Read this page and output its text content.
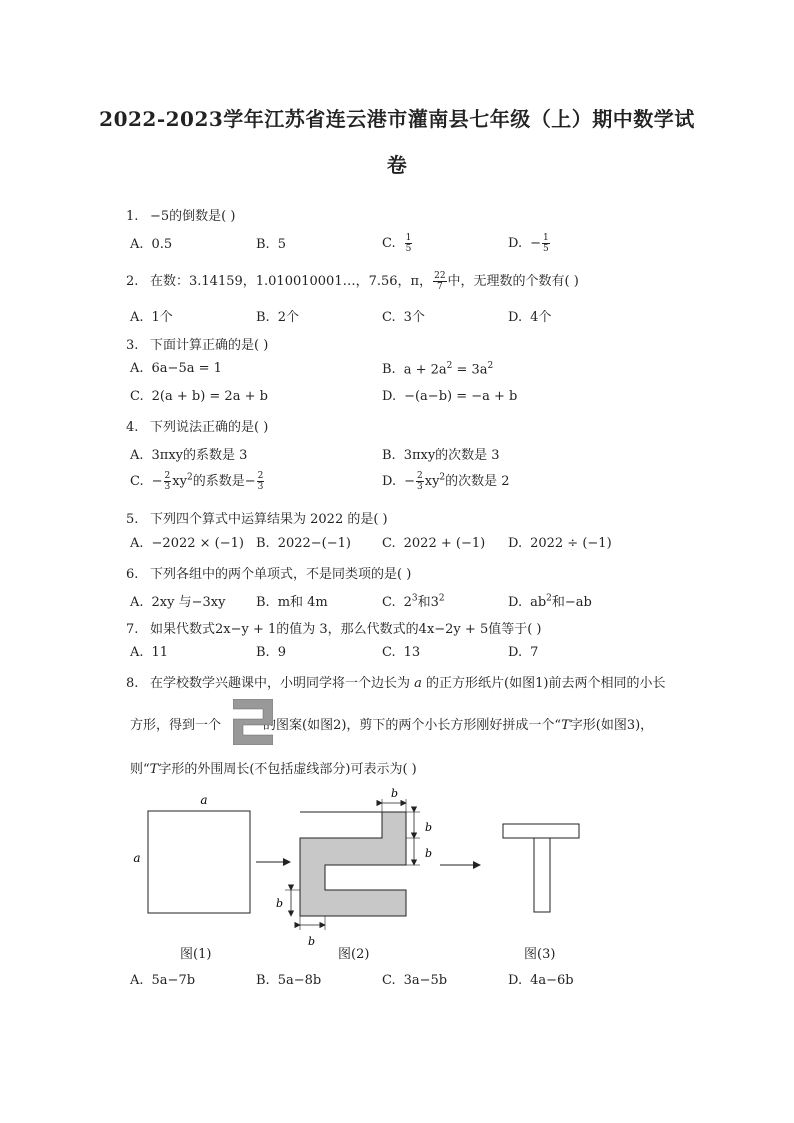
2022-2023学年江苏省连云港市灌南县七年级（上）期中数学试
卷
1. −5的倒数是( )
A. 0.5	B. 5	C. $\frac{1}{5}$	D. − $\frac{1}{5}$
2. 在数：3.14159，1.010010001…，7.56，π， $\frac{22}{7}$ 中，无理数的个数有( )
A. 1个	B. 2个	C. 3个	D. 4个
3. 下面计算正确的是( )
A. 6a−5a = 1	B. $a + 2a^2 = 3a^2$
C. 2(a + b) = 2a + b	D. −(a−b) = −a + b
4. 下列说法正确的是( )
A. 3πxy的系数是 3	B. 3πxy的次数是 3
C. − $\frac{2}{3} xy^2$的系数是− $\frac{2}{3}$	D. − $\frac{2}{3} xy^2$的次数是 2
5. 下列四个算式中运算结果为 2022 的是( )
A. −2022 × (−1) B. 2022−(−1) C. 2022 + (−1) D. 2022 ÷ (−1)
6. 下列各组中的两个单项式，不是同类项的是( )
A. 2xy 与−3xy B. m和 4m	C. $2^3$和$3^2$	D. $ab^2$和−ab
7. 如果代数式2x−y + 1的值为 3，那么代数式的4x−2y + 5值等于( )
A. 11	B. 9	C. 13	D. 7
8. 在学校数学兴趣课中，小明同学将一个边长为 a 的正方形纸片(如图1)前去两个相同的小长
方形，得到一个	的图案(如图2)，剪下的两个小长方形刚好拼成一个“T字形(如图3)，
则“T字形的外围周长(不包括虚线部分)可表示为( )
a
a
b
b
b
b
b
图(1)	图(2)	图(3)
A. 5a−7b	B. 5a−8b	C. 3a−5b	D. 4a−6b
